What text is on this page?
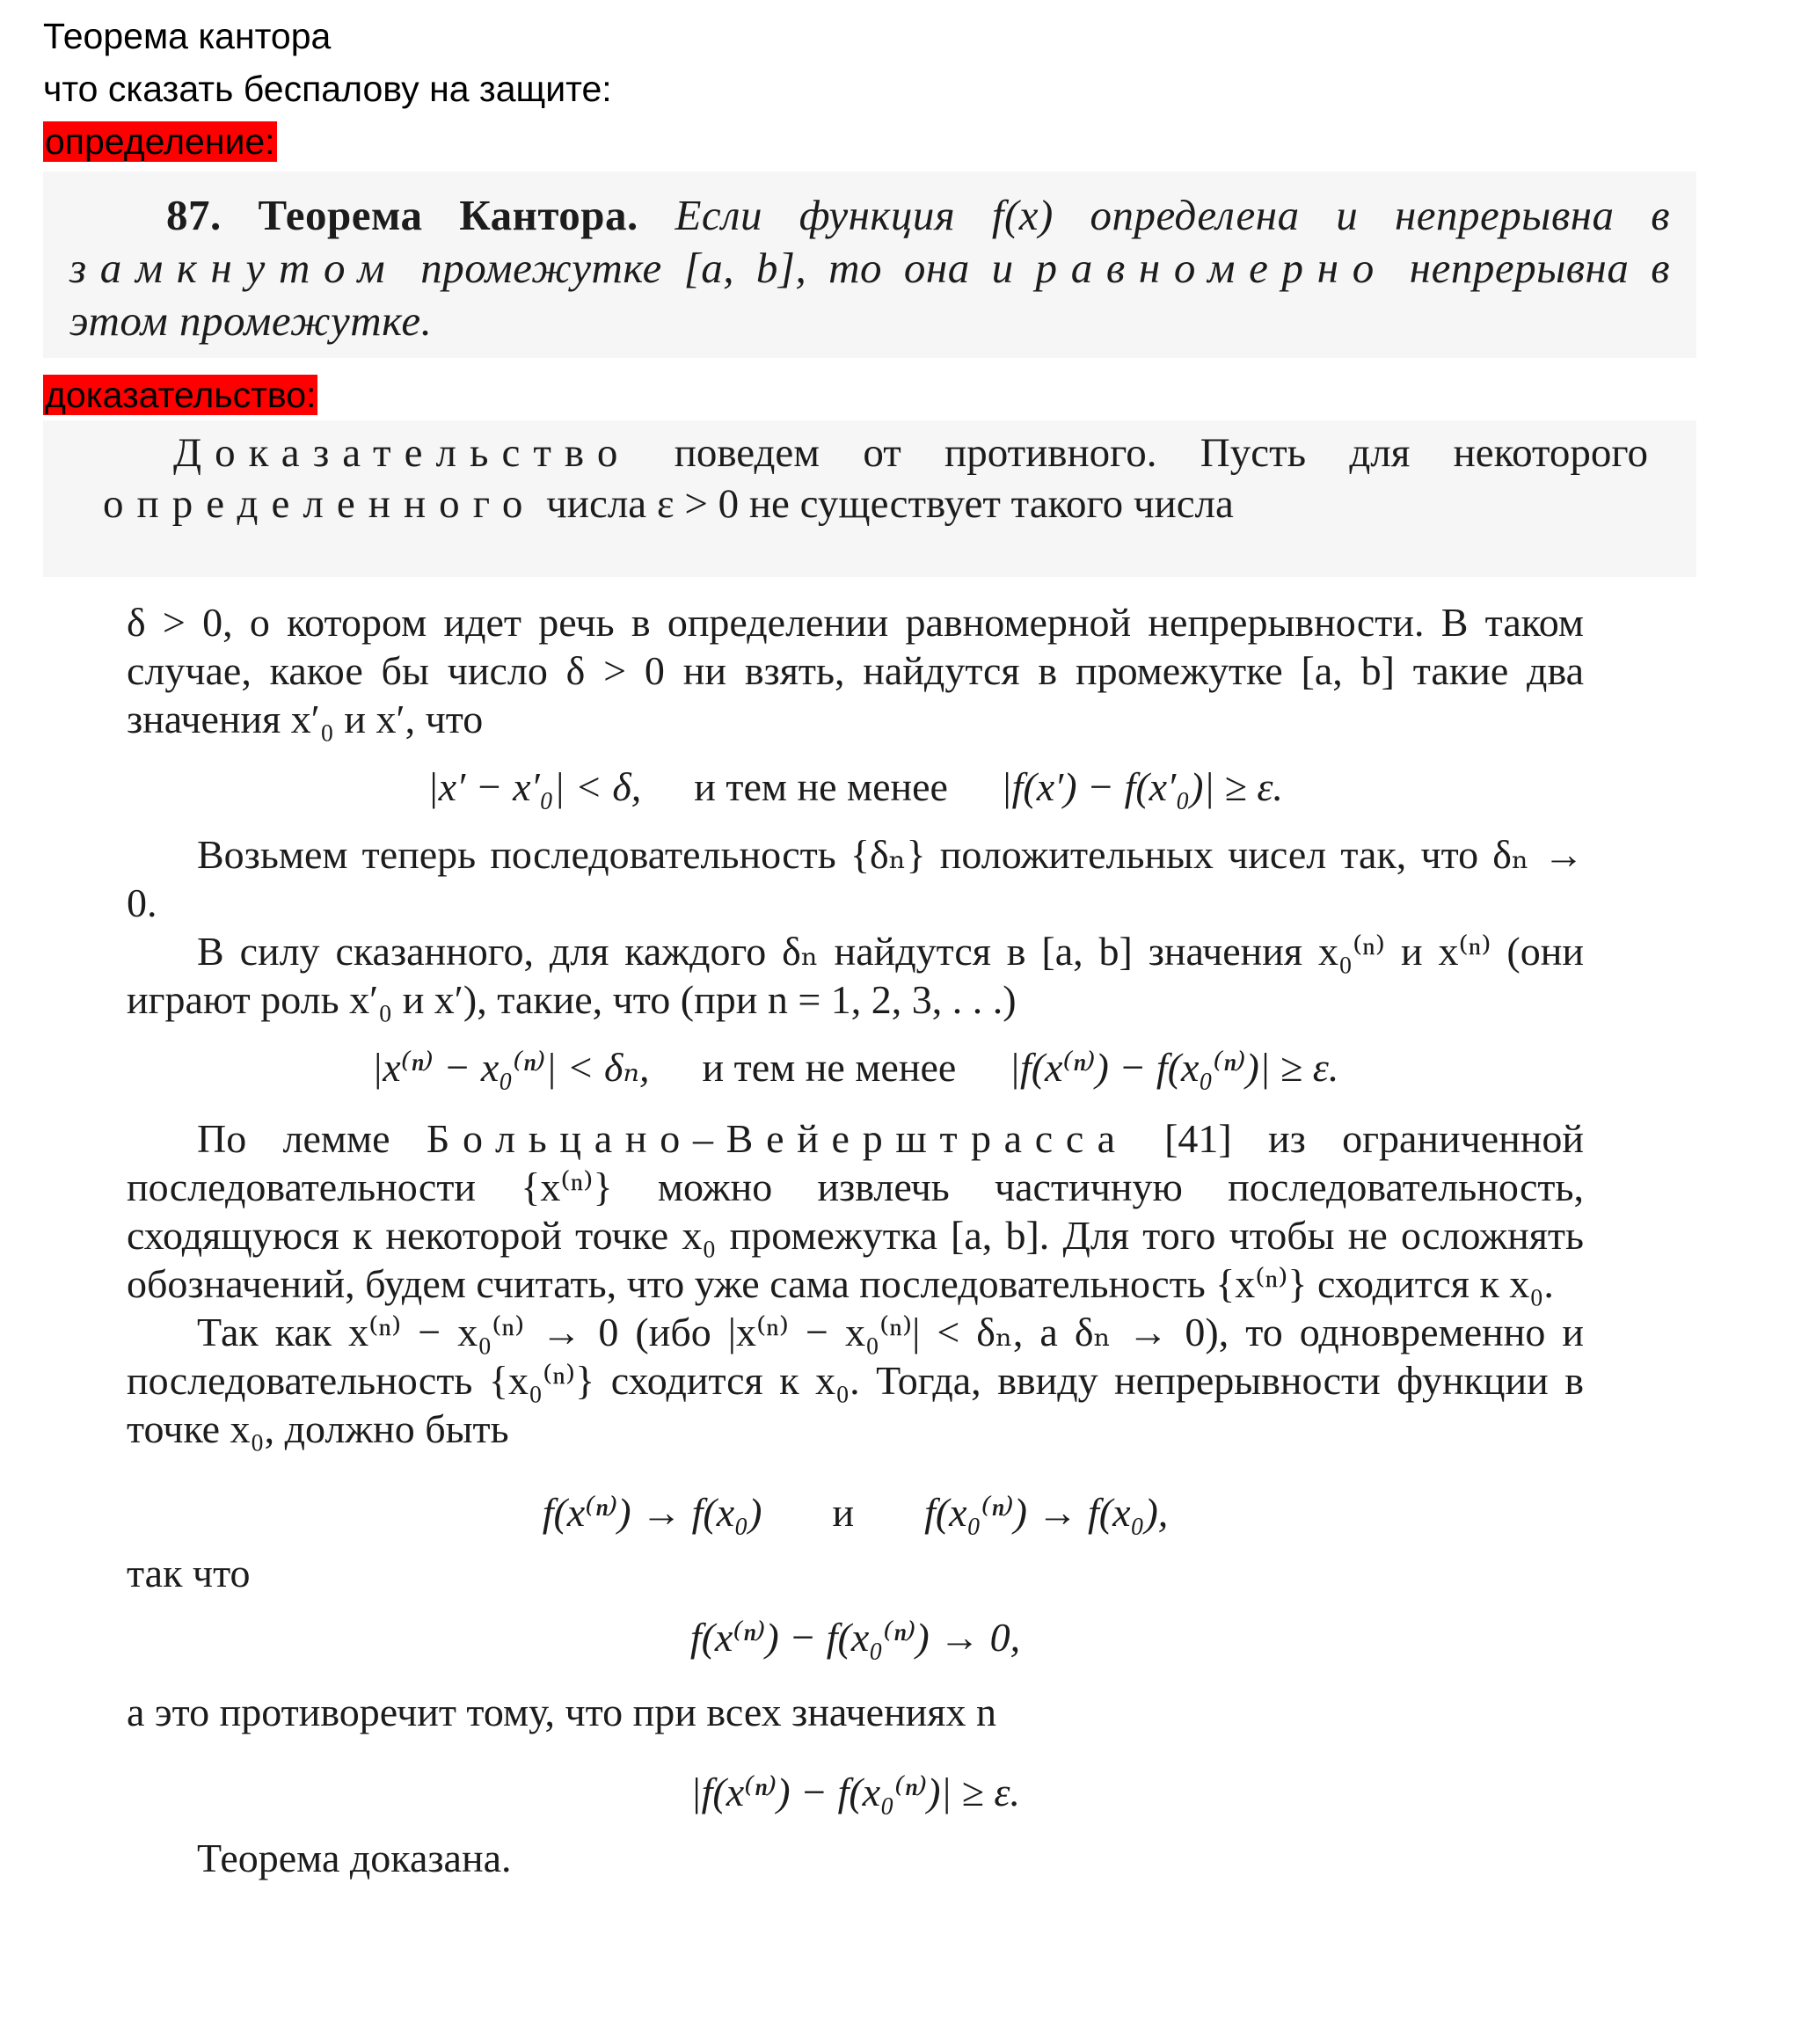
Теорема кантора
что сказать беспалову на защите:
определение:

87. Теорема Кантора. Если функция f(x) определена и непрерывна в замкнутом промежутке [a, b], то она и равномерно непрерывна в этом промежутке.

доказательство:

Доказательство поведем от противного. Пусть для некоторого определенного числа ε > 0 не существует такого числа

δ > 0, о котором идет речь в определении равномерной непрерывности. В таком случае, какое бы число δ > 0 ни взять, найдутся в промежутке [a, b] такие два значения x′₀ и x′, что

|x′ − x′₀| < δ, и тем не менее |f(x′) − f(x′₀)| ≥ ε.

Возьмем теперь последовательность {δₙ} положительных чисел так, что δₙ → 0.

В силу сказанного, для каждого δₙ найдутся в [a, b] значения x₀⁽ⁿ⁾ и x⁽ⁿ⁾ (они играют роль x′₀ и x′), такие, что (при n = 1, 2, 3, . . .)

|x⁽ⁿ⁾ − x₀⁽ⁿ⁾| < δₙ, и тем не менее |f(x⁽ⁿ⁾) − f(x₀⁽ⁿ⁾)| ≥ ε.

По лемме Больцано–Вейерштрасса [41] из ограниченной последовательности {x⁽ⁿ⁾} можно извлечь частичную последовательность, сходящуюся к некоторой точке x₀ промежутка [a, b]. Для того чтобы не осложнять обозначений, будем считать, что уже сама последовательность {x⁽ⁿ⁾} сходится к x₀.

Так как x⁽ⁿ⁾ − x₀⁽ⁿ⁾ → 0 (ибо |x⁽ⁿ⁾ − x₀⁽ⁿ⁾| < δₙ, а δₙ → 0), то одновременно и последовательность {x₀⁽ⁿ⁾} сходится к x₀. Тогда, ввиду непрерывности функции в точке x₀, должно быть

f(x⁽ⁿ⁾) → f(x₀) и f(x₀⁽ⁿ⁾) → f(x₀),

так что

f(x⁽ⁿ⁾) − f(x₀⁽ⁿ⁾) → 0,

а это противоречит тому, что при всех значениях n

|f(x⁽ⁿ⁾) − f(x₀⁽ⁿ⁾)| ≥ ε.

Теорема доказана.
